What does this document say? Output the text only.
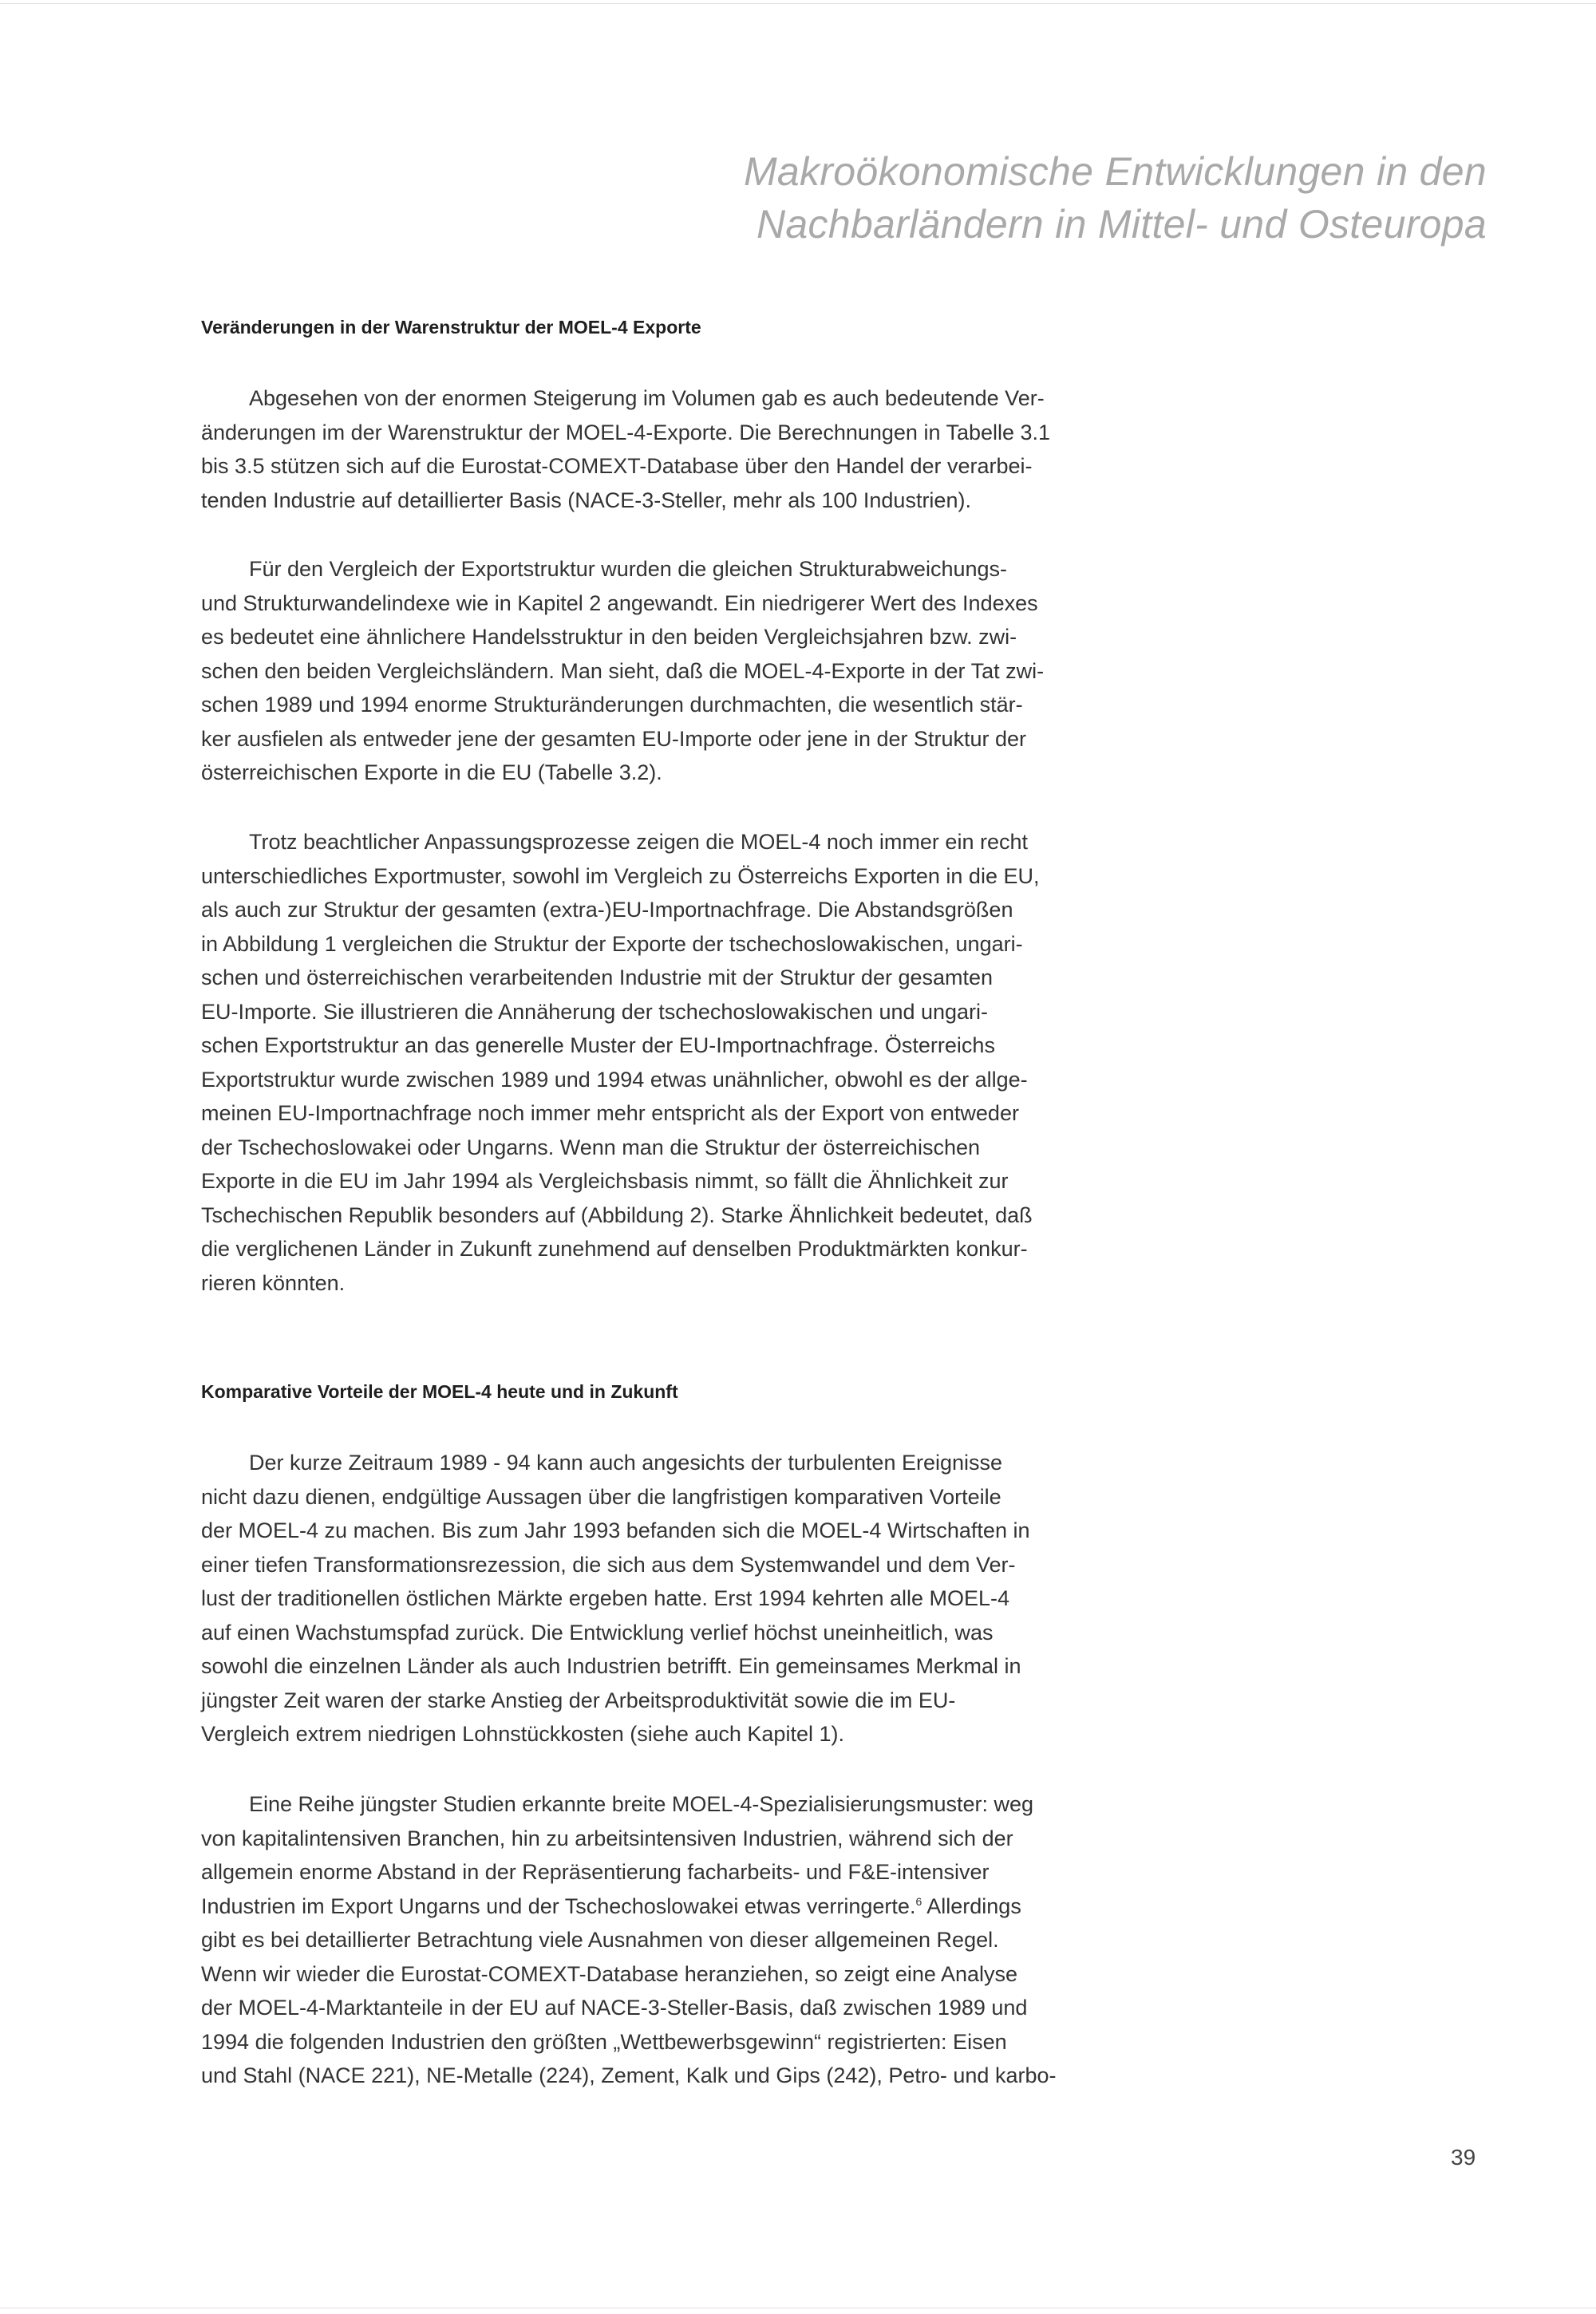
Makroökonomische Entwicklungen in den
Nachbarländern in Mittel- und Osteuropa
Veränderungen in der Warenstruktur der MOEL-4 Exporte
Abgesehen von der enormen Steigerung im Volumen gab es auch bedeutende Ver-
änderungen im der Warenstruktur der MOEL-4-Exporte. Die Berechnungen in Tabelle 3.1
bis 3.5 stützen sich auf die Eurostat-COMEXT-Database über den Handel der verarbei-
tenden Industrie auf detaillierter Basis (NACE-3-Steller, mehr als 100 Industrien).
Für den Vergleich der Exportstruktur wurden die gleichen Strukturabweichungs-
und Strukturwandelindexe wie in Kapitel 2 angewandt. Ein niedrigerer Wert des Indexes
es bedeutet eine ähnlichere Handelsstruktur in den beiden Vergleichsjahren bzw. zwi-
schen den beiden Vergleichsländern. Man sieht, daß die MOEL-4-Exporte in der Tat zwi-
schen 1989 und 1994 enorme Strukturänderungen durchmachten, die wesentlich stär-
ker ausfielen als entweder jene der gesamten EU-Importe oder jene in der Struktur der
österreichischen Exporte in die EU (Tabelle 3.2).
Trotz beachtlicher Anpassungsprozesse zeigen die MOEL-4 noch immer ein recht
unterschiedliches Exportmuster, sowohl im Vergleich zu Österreichs Exporten in die EU,
als auch zur Struktur der gesamten (extra-)EU-Importnachfrage. Die Abstandsgrößen
in Abbildung 1 vergleichen die Struktur der Exporte der tschechoslowakischen, ungari-
schen und österreichischen verarbeitenden Industrie mit der Struktur der gesamten
EU-Importe. Sie illustrieren die Annäherung der tschechoslowakischen und ungari-
schen Exportstruktur an das generelle Muster der EU-Importnachfrage. Österreichs
Exportstruktur wurde zwischen 1989 und 1994 etwas unähnlicher, obwohl es der allge-
meinen EU-Importnachfrage noch immer mehr entspricht als der Export von entweder
der Tschechoslowakei oder Ungarns. Wenn man die Struktur der österreichischen
Exporte in die EU im Jahr 1994 als Vergleichsbasis nimmt, so fällt die Ähnlichkeit zur
Tschechischen Republik besonders auf (Abbildung 2). Starke Ähnlichkeit bedeutet, daß
die verglichenen Länder in Zukunft zunehmend auf denselben Produktmärkten konkur-
rieren könnten.
Komparative Vorteile der MOEL-4 heute und in Zukunft
Der kurze Zeitraum 1989 - 94 kann auch angesichts der turbulenten Ereignisse
nicht dazu dienen, endgültige Aussagen über die langfristigen komparativen Vorteile
der MOEL-4 zu machen. Bis zum Jahr 1993 befanden sich die MOEL-4 Wirtschaften in
einer tiefen Transformationsrezession, die sich aus dem Systemwandel und dem Ver-
lust der traditionellen östlichen Märkte ergeben hatte. Erst 1994 kehrten alle MOEL-4
auf einen Wachstumspfad zurück. Die Entwicklung verlief höchst uneinheitlich, was
sowohl die einzelnen Länder als auch Industrien betrifft. Ein gemeinsames Merkmal in
jüngster Zeit waren der starke Anstieg der Arbeitsproduktivität sowie die im EU-
Vergleich extrem niedrigen Lohnstückkosten (siehe auch Kapitel 1).
Eine Reihe jüngster Studien erkannte breite MOEL-4-Spezialisierungsmuster: weg
von kapitalintensiven Branchen, hin zu arbeitsintensiven Industrien, während sich der
allgemein enorme Abstand in der Repräsentierung facharbeits- und F&E-intensiver
Industrien im Export Ungarns und der Tschechoslowakei etwas verringerte.$^6$ Allerdings
gibt es bei detaillierter Betrachtung viele Ausnahmen von dieser allgemeinen Regel.
Wenn wir wieder die Eurostat-COMEXT-Database heranziehen, so zeigt eine Analyse
der MOEL-4-Marktanteile in der EU auf NACE-3-Steller-Basis, daß zwischen 1989 und
1994 die folgenden Industrien den größten „Wettbewerbsgewinn“ registrierten: Eisen
und Stahl (NACE 221), NE-Metalle (224), Zement, Kalk und Gips (242), Petro- und karbo-
39
